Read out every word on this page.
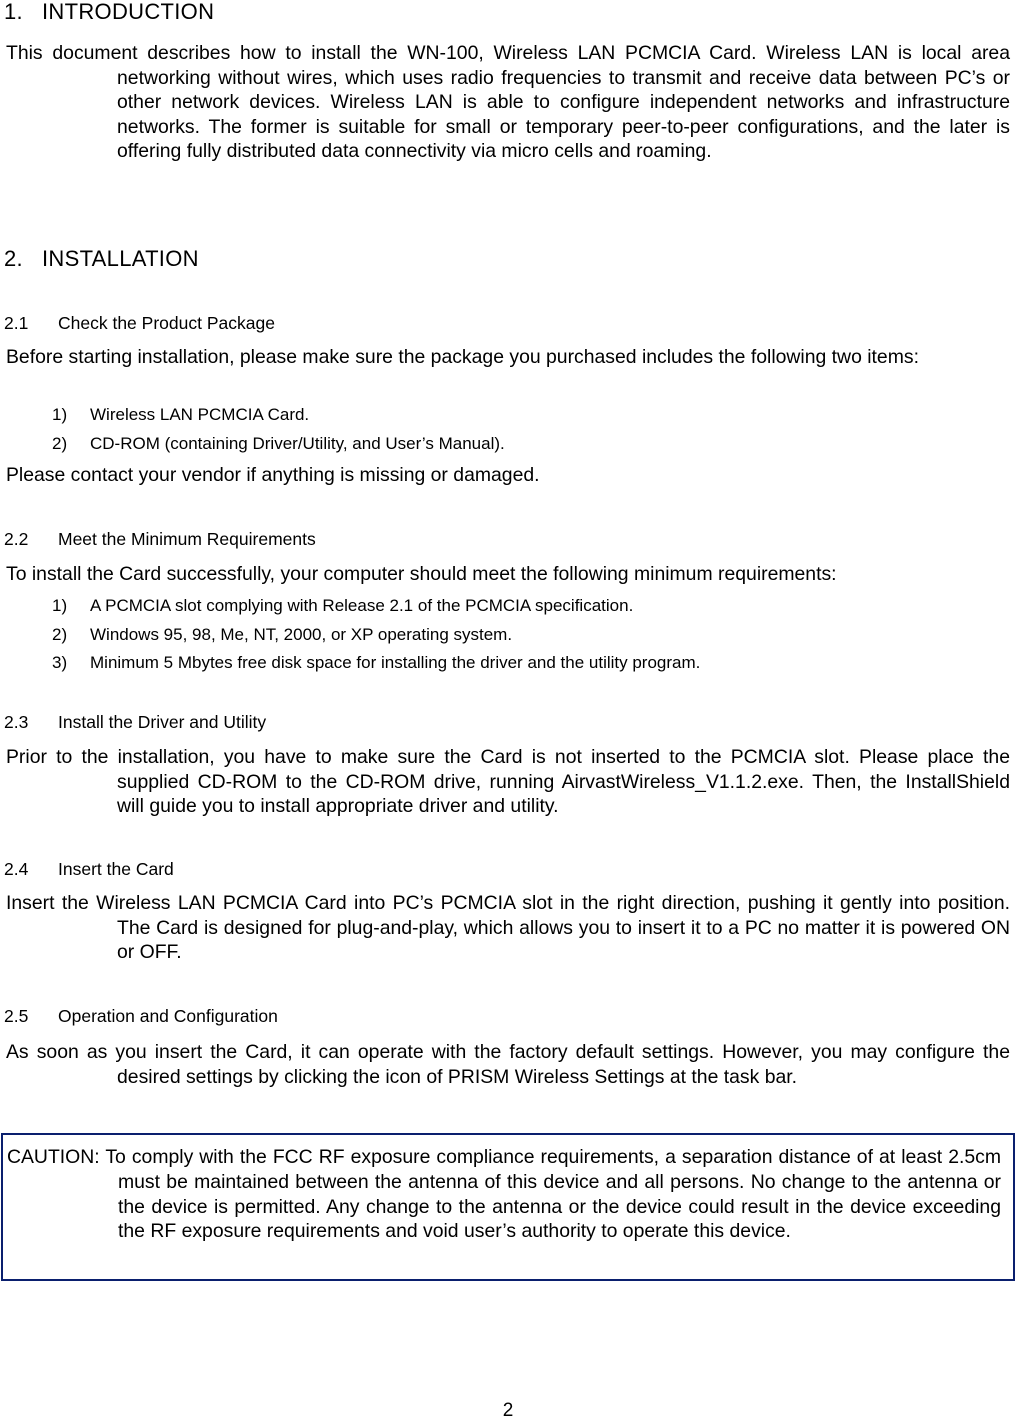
1. INTRODUCTION

This document describes how to install the WN-100, Wireless LAN PCMCIA Card. Wireless LAN is local area networking without wires, which uses radio frequencies to transmit and receive data between PC’s or other network devices. Wireless LAN is able to configure independent networks and infrastructure networks. The former is suitable for small or temporary peer-to-peer configurations, and the later is offering fully distributed data connectivity via micro cells and roaming.

2. INSTALLATION
2.1 Check the Product Package

Before starting installation, please make sure the package you purchased includes the following two items:

1) Wireless LAN PCMCIA Card.
2) CD-ROM (containing Driver/Utility, and User’s Manual).

Please contact your vendor if anything is missing or damaged.

2.2 Meet the Minimum Requirements

To install the Card successfully, your computer should meet the following minimum requirements:

1) A PCMCIA slot complying with Release 2.1 of the PCMCIA specification.
2) Windows 95, 98, Me, NT, 2000, or XP operating system.
3) Minimum 5 Mbytes free disk space for installing the driver and the utility program.
2.3 Install the Driver and Utility

Prior to the installation, you have to make sure the Card is not inserted to the PCMCIA slot. Please place the supplied CD-ROM to the CD-ROM drive, running AirvastWireless_V1.1.2.exe. Then, the InstallShield will guide you to install appropriate driver and utility.

2.4 Insert the Card

Insert the Wireless LAN PCMCIA Card into PC’s PCMCIA slot in the right direction, pushing it gently into position. The Card is designed for plug-and-play, which allows you to insert it to a PC no matter it is powered ON or OFF.

2.5 Operation and Configuration

As soon as you insert the Card, it can operate with the factory default settings. However, you may configure the desired settings by clicking the icon of PRISM Wireless Settings at the task bar.

CAUTION: To comply with the FCC RF exposure compliance requirements, a separation distance of at least 2.5cm must be maintained between the antenna of this device and all persons. No change to the antenna or the device is permitted. Any change to the antenna or the device could result in the device exceeding the RF exposure requirements and void user’s authority to operate this device.

2
